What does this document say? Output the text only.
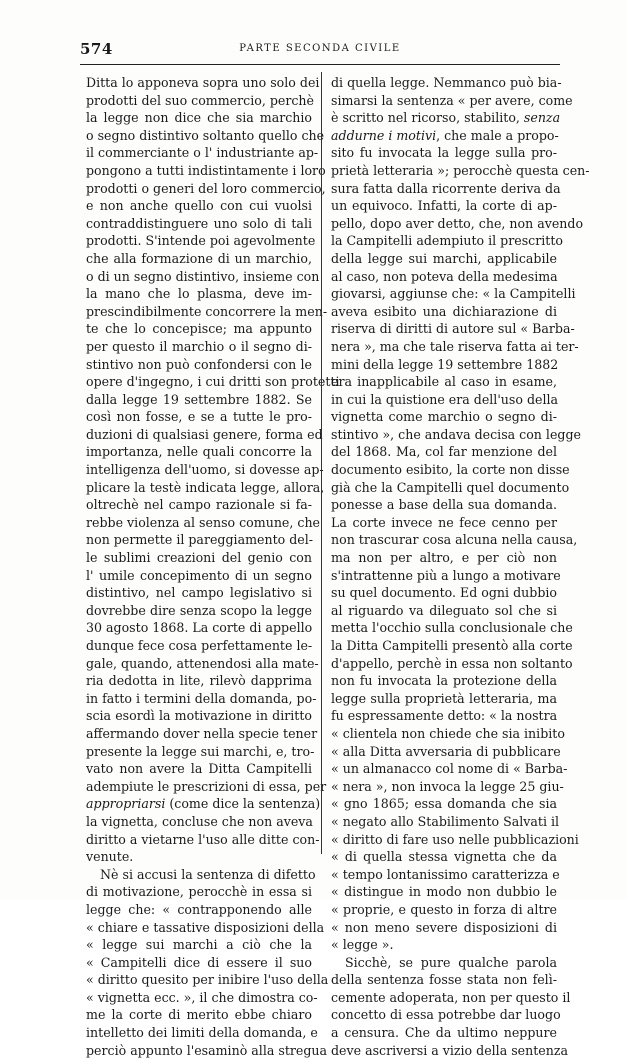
574	PARTE SECONDA CIVILE
Ditta lo apponeva sopra uno solo dei
prodotti del suo commercio, perchè
la legge non dice che sia marchio
o segno distintivo soltanto quello che
il commerciante o l' industriante ap-
pongono a tutti indistintamente i loro
prodotti o generi del loro commercio,
e non anche quello con cui vuolsi
contraddistinguere uno solo di tali
prodotti. S'intende poi agevolmente
che alla formazione di un marchio,
o di un segno distintivo, insieme con
la mano che lo plasma, deve im-
prescindibilmente concorrere la men-
te che lo concepisce; ma appunto
per questo il marchio o il segno di-
stintivo non può confondersi con le
opere d'ingegno, i cui dritti son protetti
dalla legge 19 settembre 1882. Se
così non fosse, e se a tutte le pro-
duzioni di qualsiasi genere, forma ed
importanza, nelle quali concorre la
intelligenza dell'uomo, si dovesse ap-
plicare la testè indicata legge, allora,
oltrechè nel campo razionale si fa-
rebbe violenza al senso comune, che
non permette il pareggiamento del-
le sublimi creazioni del genio con
l' umile concepimento di un segno
distintivo, nel campo legislativo si
dovrebbe dire senza scopo la legge
30 agosto 1868. La corte di appello
dunque fece cosa perfettamente le-
gale, quando, attenendosi alla mate-
ria dedotta in lite, rilevò dapprima
in fatto i termini della domanda, po-
scia esordì la motivazione in diritto
affermando dover nella specie tener
presente la legge sui marchi, e, tro-
vato non avere la Ditta Campitelli
adempiute le prescrizioni di essa, per
appropriarsi (come dice la sentenza)
la vignetta, concluse che non aveva
diritto a vietarne l'uso alle ditte con-
venute.
Nè si accusi la sentenza di difetto
di motivazione, perocchè in essa si
legge che: « contrapponendo alle
« chiare e tassative disposizioni della
« legge sui marchi a ciò che la
« Campitelli dice di essere il suo
« diritto quesito per inibire l'uso della
« vignetta ecc. », il che dimostra co-
me la corte di merito ebbe chiaro
intelletto dei limiti della domanda, e
perciò appunto l'esaminò alla stregua
di quella legge. Nemmanco può bia-
simarsi la sentenza « per avere, come
è scritto nel ricorso, stabilito, senza
addurne i motivi, che male a propo-
sito fu invocata la legge sulla pro-
prietà letteraria »; perocchè questa cen-
sura fatta dalla ricorrente deriva da
un equivoco. Infatti, la corte di ap-
pello, dopo aver detto, che, non avendo
la Campitelli adempiuto il prescritto
della legge sui marchi, applicabile
al caso, non poteva della medesima
giovarsi, aggiunse che: « la Campitelli
aveva esibito una dichiarazione di
riserva di diritti di autore sul « Barba-
nera », ma che tale riserva fatta ai ter-
mini della legge 19 settembre 1882
era inapplicabile al caso in esame,
in cui la quistione era dell'uso della
vignetta come marchio o segno di-
stintivo », che andava decisa con legge
del 1868. Ma, col far menzione del
documento esibito, la corte non disse
già che la Campitelli quel documento
ponesse a base della sua domanda.
La corte invece ne fece cenno per
non trascurar cosa alcuna nella causa,
ma non per altro, e per ciò non
s'intrattenne più a lungo a motivare
su quel documento. Ed ogni dubbio
al riguardo va dileguato sol che si
metta l'occhio sulla conclusionale che
la Ditta Campitelli presentò alla corte
d'appello, perchè in essa non soltanto
non fu invocata la protezione della
legge sulla proprietà letteraria, ma
fu espressamente detto: « la nostra
« clientela non chiede che sia inibito
« alla Ditta avversaria di pubblicare
« un almanacco col nome di « Barba-
« nera », non invoca la legge 25 giu-
« gno 1865; essa domanda che sia
« negato allo Stabilimento Salvati il
« diritto di fare uso nelle pubblicazioni
« di quella stessa vignetta che da
« tempo lontanissimo caratterizza e
« distingue in modo non dubbio le
« proprie, e questo in forza di altre
« non meno severe disposizioni di
« legge ».
Sicchè, se pure qualche parola
della sentenza fosse stata non felì-
cemente adoperata, non per questo il
concetto di essa potrebbe dar luogo
a censura. Che da ultimo neppure
deve ascriversi a vizio della sentenza
